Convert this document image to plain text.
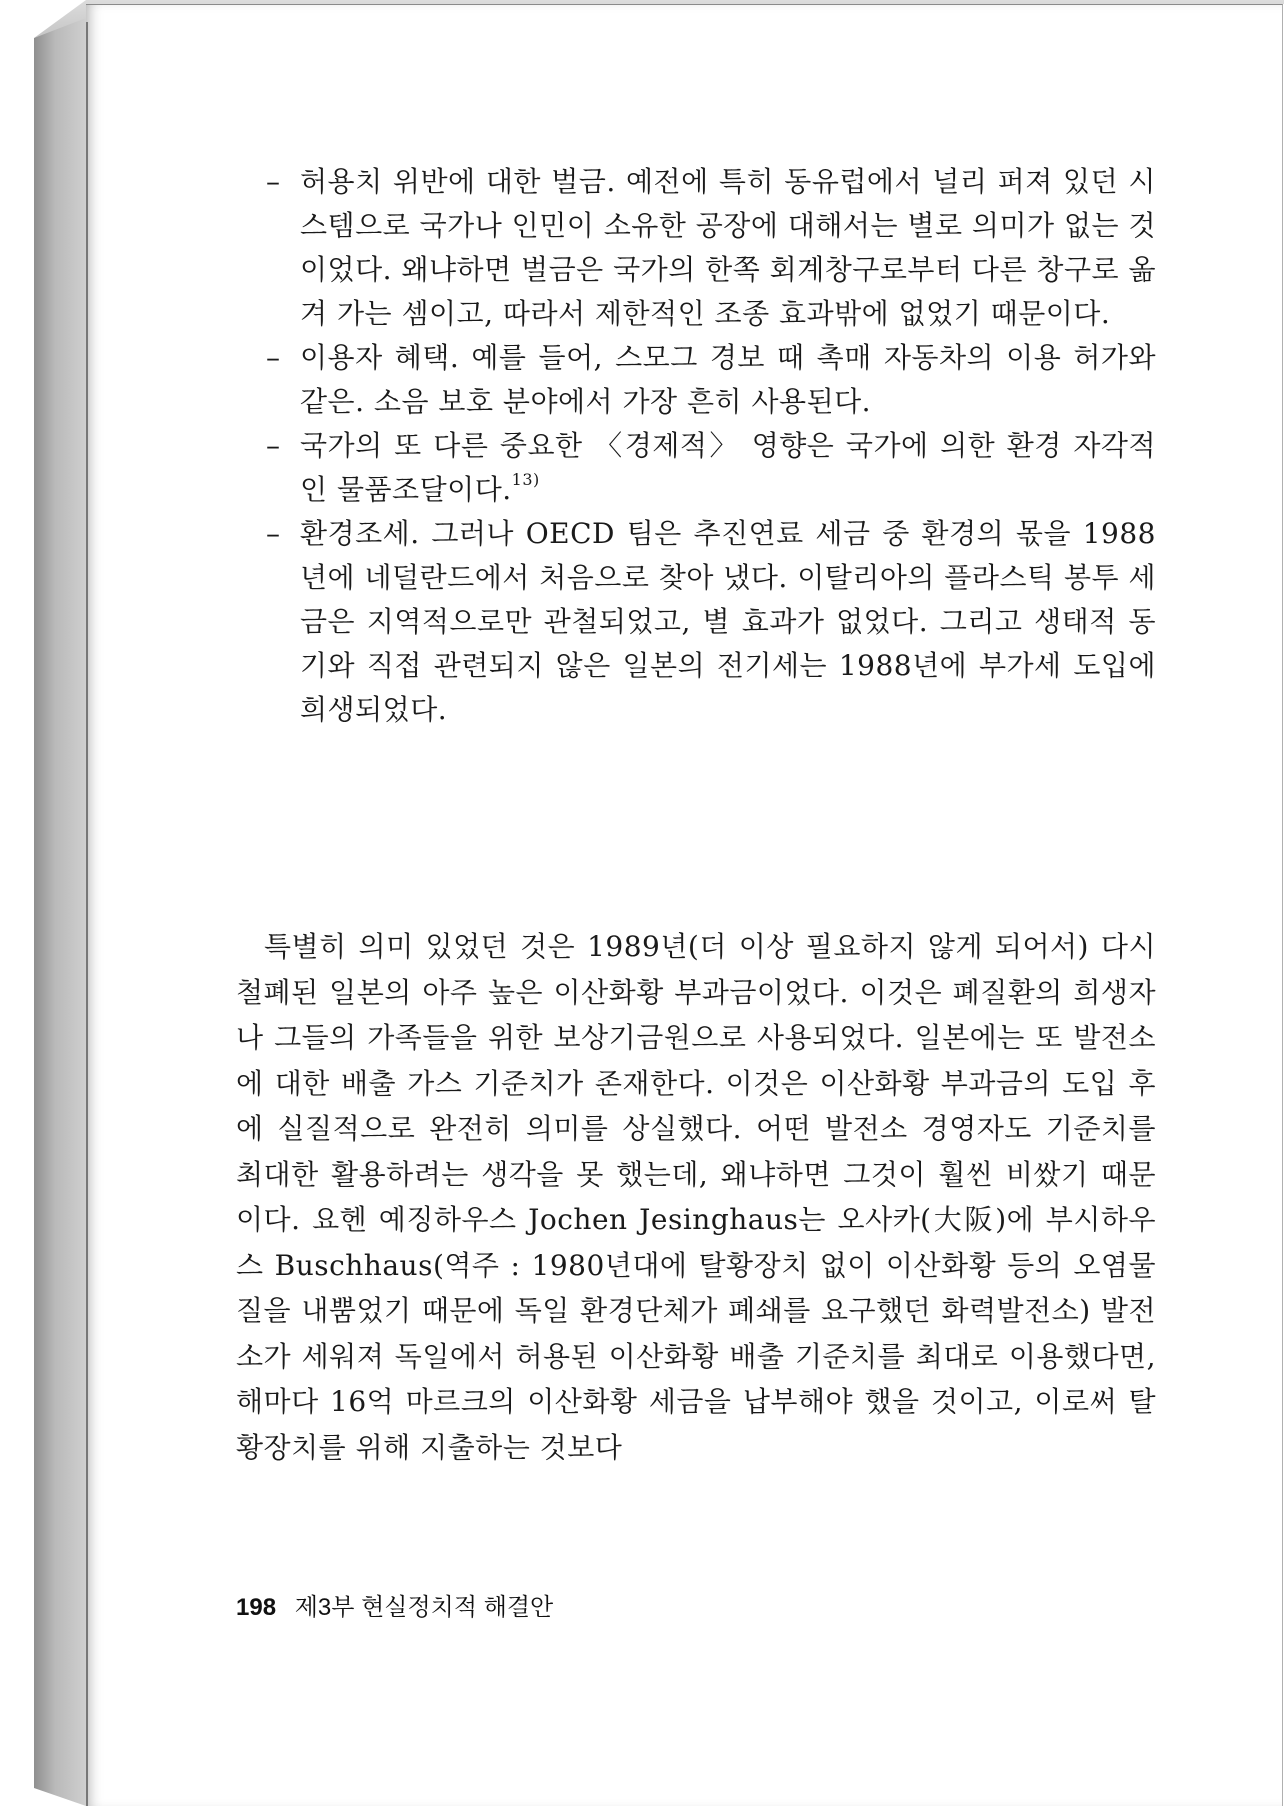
– 허용치 위반에 대한 벌금. 예전에 특히 동유럽에서 널리 퍼져 있던 시스템으로 국가나 인민이 소유한 공장에 대해서는 별로 의미가 없는 것이었다. 왜냐하면 벌금은 국가의 한쪽 회계창구로부터 다른 창구로 옮겨 가는 셈이고, 따라서 제한적인 조종 효과밖에 없었기 때문이다.
– 이용자 혜택. 예를 들어, 스모그 경보 때 촉매 자동차의 이용 허가와 같은. 소음 보호 분야에서 가장 흔히 사용된다.
– 국가의 또 다른 중요한 〈경제적〉 영향은 국가에 의한 환경 자각적인 물품조달이다.$^{13)}$
– 환경조세. 그러나 OECD 팀은 추진연료 세금 중 환경의 몫을 1988년에 네덜란드에서 처음으로 찾아 냈다. 이탈리아의 플라스틱 봉투 세금은 지역적으로만 관철되었고, 별 효과가 없었다. 그리고 생태적 동기와 직접 관련되지 않은 일본의 전기세는 1988년에 부가세 도입에 희생되었다.

특별히 의미 있었던 것은 1989년(더 이상 필요하지 않게 되어서) 다시 철폐된 일본의 아주 높은 이산화황 부과금이었다. 이것은 폐질환의 희생자나 그들의 가족들을 위한 보상기금원으로 사용되었다. 일본에는 또 발전소에 대한 배출 가스 기준치가 존재한다. 이것은 이산화황 부과금의 도입 후에 실질적으로 완전히 의미를 상실했다. 어떤 발전소 경영자도 기준치를 최대한 활용하려는 생각을 못 했는데, 왜냐하면 그것이 훨씬 비쌌기 때문이다. 요헨 예징하우스 Jochen Jesinghaus는 오사카(大阪)에 부시하우스 Buschhaus(역주 : 1980년대에 탈황장치 없이 이산화황 등의 오염물질을 내뿜었기 때문에 독일 환경단체가 폐쇄를 요구했던 화력발전소) 발전소가 세워져 독일에서 허용된 이산화황 배출 기준치를 최대로 이용했다면, 해마다 16억 마르크의 이산화황 세금을 납부해야 했을 것이고, 이로써 탈황장치를 위해 지출하는 것보다

198 제3부 현실정치적 해결안
